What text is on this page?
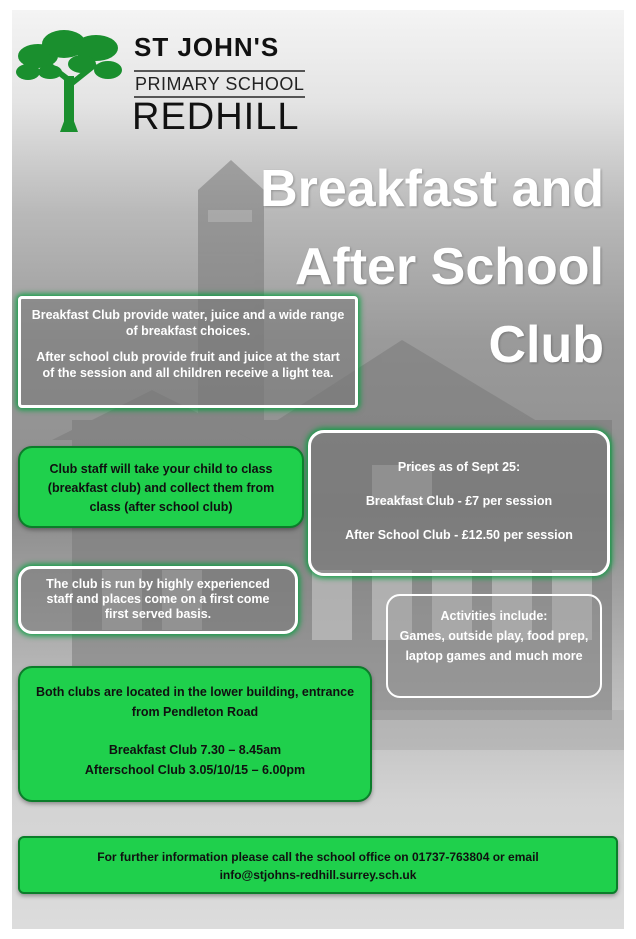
ST JOHN'S
PRIMARY SCHOOL
REDHILL
Breakfast and
After School
Club

Breakfast Club provide water, juice and a wide range of breakfast choices.

After school club provide fruit and juice at the start of the session and all children receive a light tea.

Club staff will take your child to class (breakfast club) and collect them from class (after school club)

Prices as of Sept 25:
Breakfast Club - £7 per session
After School Club - £12.50 per session

The club is run by highly experienced staff and places come on a first come first served basis.	Activities include:

Games, outside play, food prep, laptop games and much more

Both clubs are located in the lower building, entrance from Pendleton Road

Breakfast Club 7.30 – 8.45am

Afterschool Club 3.05/10/15 – 6.00pm

For further information please call the school office on 01737-763804 or email

info@stjohns-redhill.surrey.sch.uk
